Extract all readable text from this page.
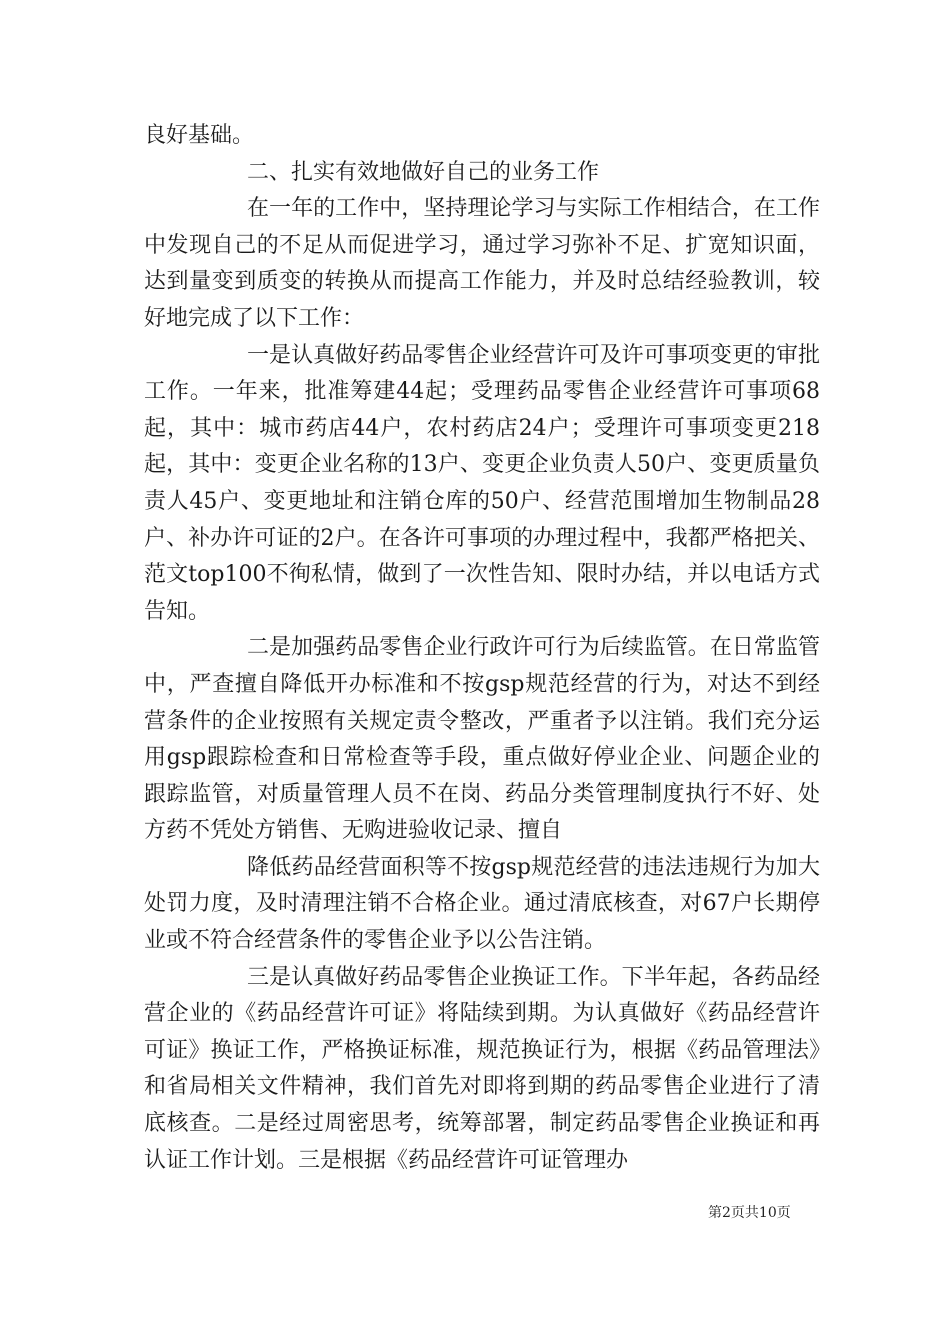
良好基础。

二、扎实有效地做好自己的业务工作

在一年的工作中，坚持理论学习与实际工作相结合，在工作中发现自己的不足从而促进学习，通过学习弥补不足、扩宽知识面，达到量变到质变的转换从而提高工作能力，并及时总结经验教训，较好地完成了以下工作：

一是认真做好药品零售企业经营许可及许可事项变更的审批工作。一年来，批准筹建44起；受理药品零售企业经营许可事项68起，其中：城市药店44户，农村药店24户；受理许可事项变更218起，其中：变更企业名称的13户、变更企业负责人50户、变更质量负责人45户、变更地址和注销仓库的50户、经营范围增加生物制品28户、补办许可证的2户。在各许可事项的办理过程中，我都严格把关、范文top100不徇私情，做到了一次性告知、限时办结，并以电话方式告知。

二是加强药品零售企业行政许可行为后续监管。在日常监管中，严查擅自降低开办标准和不按gsp规范经营的行为，对达不到经营条件的企业按照有关规定责令整改，严重者予以注销。我们充分运用gsp跟踪检查和日常检查等手段，重点做好停业企业、问题企业的跟踪监管，对质量管理人员不在岗、药品分类管理制度执行不好、处方药不凭处方销售、无购进验收记录、擅自

降低药品经营面积等不按gsp规范经营的违法违规行为加大处罚力度，及时清理注销不合格企业。通过清底核查，对67户长期停业或不符合经营条件的零售企业予以公告注销。

三是认真做好药品零售企业换证工作。下半年起，各药品经营企业的《药品经营许可证》将陆续到期。为认真做好《药品经营许可证》换证工作，严格换证标准，规范换证行为，根据《药品管理法》和省局相关文件精神，我们首先对即将到期的药品零售企业进行了清底核查。二是经过周密思考，统筹部署，制定药品零售企业换证和再认证工作计划。三是根据《药品经营许可证管理办

第2页共10页
